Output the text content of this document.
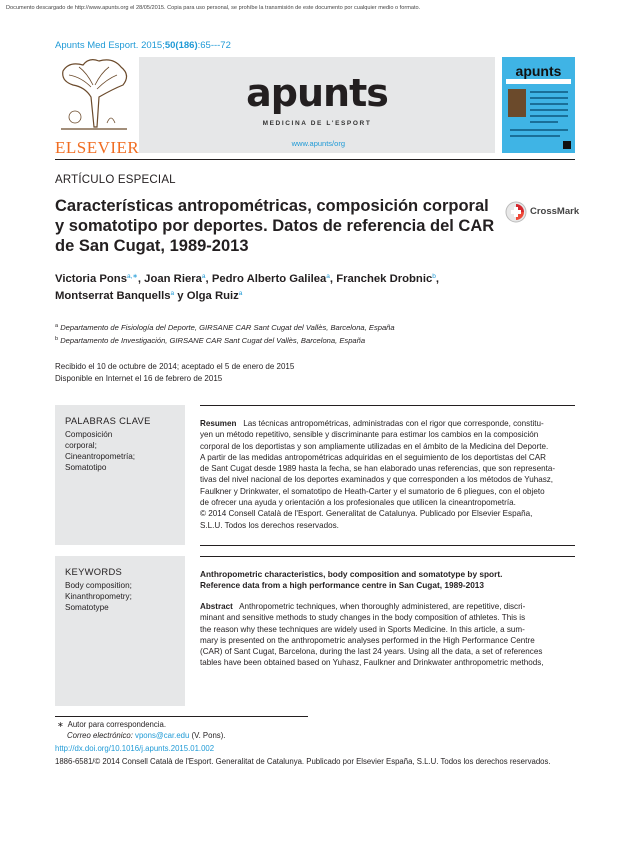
Documento descargado de http://www.apunts.org el 28/05/2015. Copia para uso personal, se prohíbe la transmisión de este documento por cualquier medio o formato.
Apunts Med Esport. 2015;50(186):65---72
ELSEVIER
apunts
MEDICINA DE L'ESPORT
www.apunts/org
apunts
ARTÍCULO ESPECIAL
Características antropométricas, composición corporal y somatotipo por deportes. Datos de referencia del CAR de San Cugat, 1989-2013
CrossMark
Victoria Pons$^{a,∗}$, Joan Riera$^a$, Pedro Alberto Galilea$^a$, Franchek Drobnic$^b$,
Montserrat Banquells$^a$ y Olga Ruiz$^a$
$^a$ Departamento de Fisiología del Deporte, GIRSANE CAR Sant Cugat del Vallès, Barcelona, España
$^b$ Departamento de Investigación, GIRSANE CAR Sant Cugat del Vallès, Barcelona, España
Recibido el 10 de octubre de 2014; aceptado el 5 de enero de 2015
Disponible en Internet el 16 de febrero de 2015
PALABRAS CLAVE
Composición
corporal;
Cineantropometría;
Somatotipo
Resumen Las técnicas antropométricas, administradas con el rigor que corresponde, constitu-
yen un método repetitivo, sensible y discriminante para estimar los cambios en la composición
corporal de los deportistas y son ampliamente utilizadas en el ámbito de la Medicina del Deporte.
A partir de las medidas antropométricas adquiridas en el seguimiento de los deportistas del CAR
de Sant Cugat desde 1989 hasta la fecha, se han elaborado unas referencias, que son representa-
tivas del nivel nacional de los deportes examinados y que corresponden a los métodos de Yuhasz,
Faulkner y Drinkwater, el somatotipo de Heath-Carter y el sumatorio de 6 pliegues, con el objeto
de ofrecer una ayuda y orientación a los profesionales que utilicen la cineantropometría.
© 2014 Consell Català de l'Esport. Generalitat de Catalunya. Publicado por Elsevier España,
S.L.U. Todos los derechos reservados.
KEYWORDS
Body composition;
Kinanthropometry;
Somatotype
Anthropometric characteristics, body composition and somatotype by sport.
Reference data from a high performance centre in San Cugat, 1989-2013
Abstract Anthropometric techniques, when thoroughly administered, are repetitive, discri-
minant and sensitive methods to study changes in the body composition of athletes. This is
the reason why these techniques are widely used in Sports Medicine. In this article, a sum-
mary is presented on the anthropometric analyses performed in the High Performance Centre
(CAR) of Sant Cugat, Barcelona, during the last 24 years. Using all the data, a set of references
tables have been obtained based on Yuhasz, Faulkner and Drinkwater anthropometric methods,
∗ Autor para correspondencia.
Correo electrónico: vpons@car.edu (V. Pons).
http://dx.doi.org/10.1016/j.apunts.2015.01.002
1886-6581/© 2014 Consell Català de l'Esport. Generalitat de Catalunya. Publicado por Elsevier España, S.L.U. Todos los derechos reservados.
